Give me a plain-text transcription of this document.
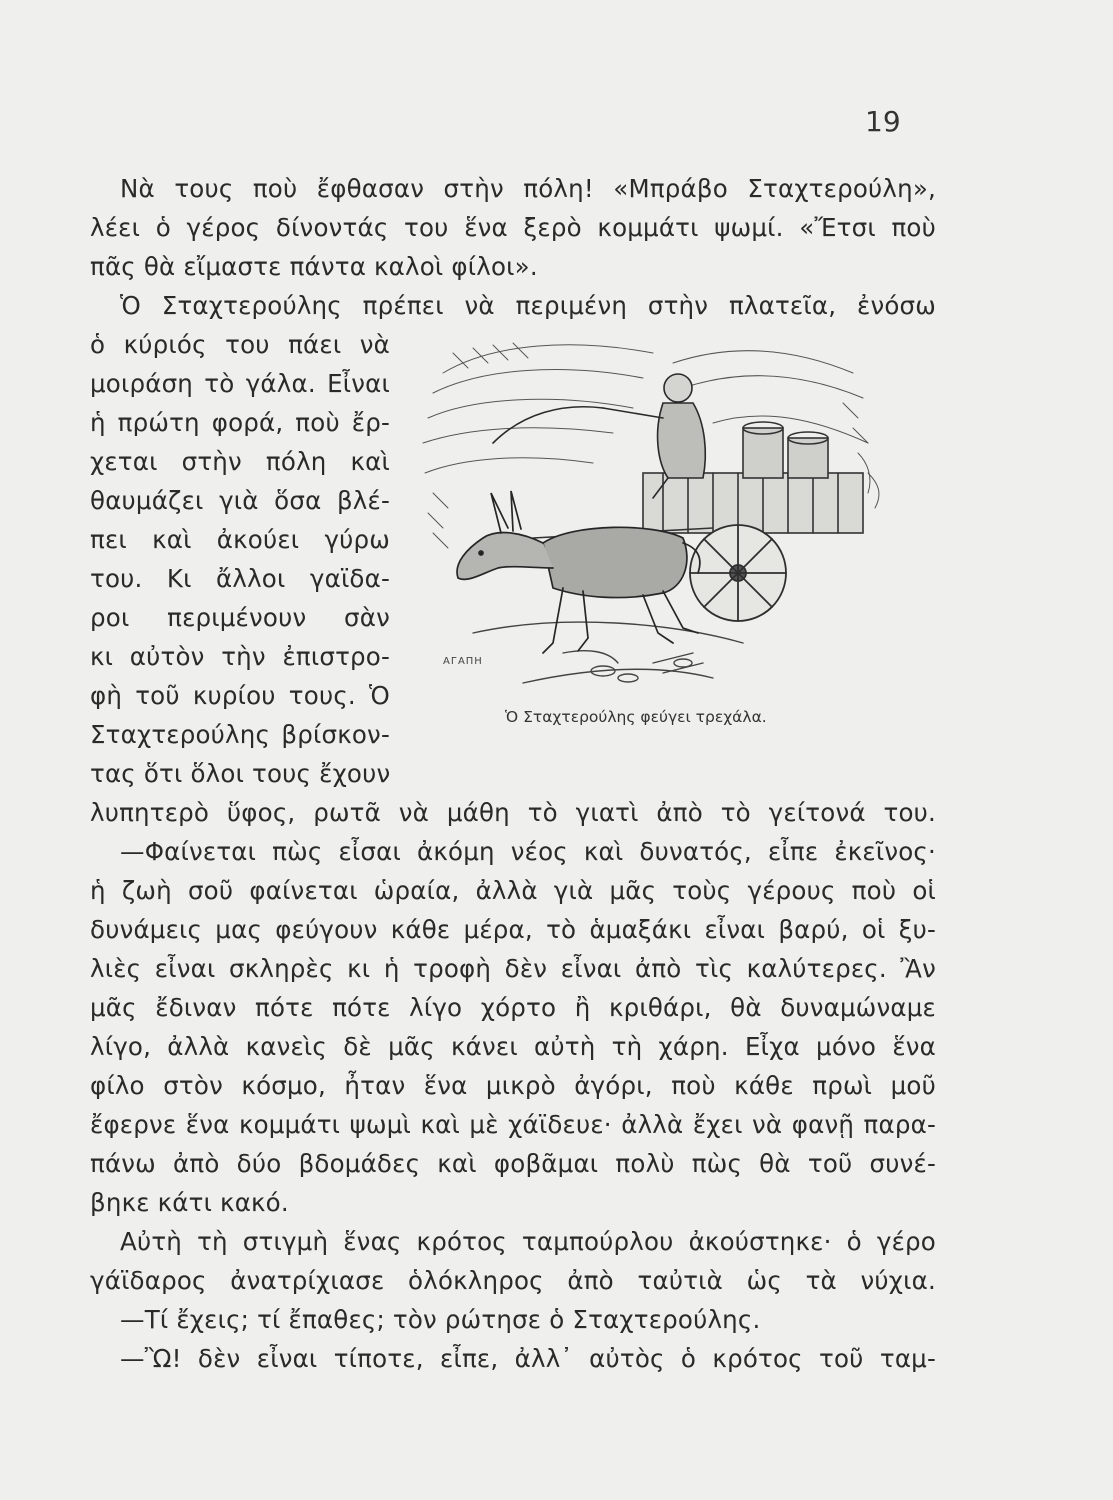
19
Νὰ τους ποὺ ἔφθασαν στὴν πόλη! «Μπράβο Σταχτερούλη»,
λέει ὁ γέρος δίνοντάς του ἕνα ξερὸ κομμάτι ψωμί. «Ἔτσι ποὺ
πᾶς θὰ εἴμαστε πάντα καλοὶ φίλοι».
Ὁ Σταχτερούλης πρέπει νὰ περιμένη στὴν πλατεῖα, ἐνόσω
ὁ κύριός του πάει νὰ
μοιράση τὸ γάλα. Εἶναι
ἡ πρώτη φορά, ποὺ ἔρ-
χεται στὴν πόλη καὶ
θαυμάζει γιὰ ὅσα βλέ-
πει καὶ ἀκούει γύρω
του. Κι ἄλλοι γαϊδα-
ροι περιμένουν σὰν
κι αὐτὸν τὴν ἐπιστρο-
φὴ τοῦ κυρίου τους. Ὁ
Σταχτερούλης βρίσκον-
τας ὅτι ὅλοι τους ἔχουν
λυπητερὸ ὕφος, ρωτᾶ νὰ μάθη τὸ γιατὶ ἀπὸ τὸ γείτονά του.
—Φαίνεται πὼς εἶσαι ἀκόμη νέος καὶ δυνατός, εἶπε ἐκεῖνος·
ἡ ζωὴ σοῦ φαίνεται ὡραία, ἀλλὰ γιὰ μᾶς τοὺς γέρους ποὺ οἱ
δυνάμεις μας φεύγουν κάθε μέρα, τὸ ἁμαξάκι εἶναι βαρύ, οἱ ξυ-
λιὲς εἶναι σκληρὲς κι ἡ τροφὴ δὲν εἶναι ἀπὸ τὶς καλύτερες. Ἂν
μᾶς ἔδιναν πότε πότε λίγο χόρτο ἢ κριθάρι, θὰ δυναμώναμε
λίγο, ἀλλὰ κανεὶς δὲ μᾶς κάνει αὐτὴ τὴ χάρη. Εἶχα μόνο ἕνα
φίλο στὸν κόσμο, ἦταν ἕνα μικρὸ ἀγόρι, ποὺ κάθε πρωὶ μοῦ
ἔφερνε ἕνα κομμάτι ψωμὶ καὶ μὲ χάϊδευε· ἀλλὰ ἔχει νὰ φανῇ παρα-
πάνω ἀπὸ δύο βδομάδες καὶ φοβᾶμαι πολὺ πὼς θὰ τοῦ συνέ-
βηκε κάτι κακό.
Αὐτὴ τὴ στιγμὴ ἕνας κρότος ταμπούρλου ἀκούστηκε· ὁ γέρο
γάϊδαρος ἀνατρίχιασε ὁλόκληρος ἀπὸ ταὐτιὰ ὡς τὰ νύχια.
—Τί ἔχεις; τί ἔπαθες; τὸν ρώτησε ὁ Σταχτερούλης.
—Ὢ! δὲν εἶναι τίποτε, εἶπε, ἀλλ᾽ αὐτὸς ὁ κρότος τοῦ ταμ-
AГАПH
Ὁ Σταχτερούλης φεύγει τρεχάλα.
